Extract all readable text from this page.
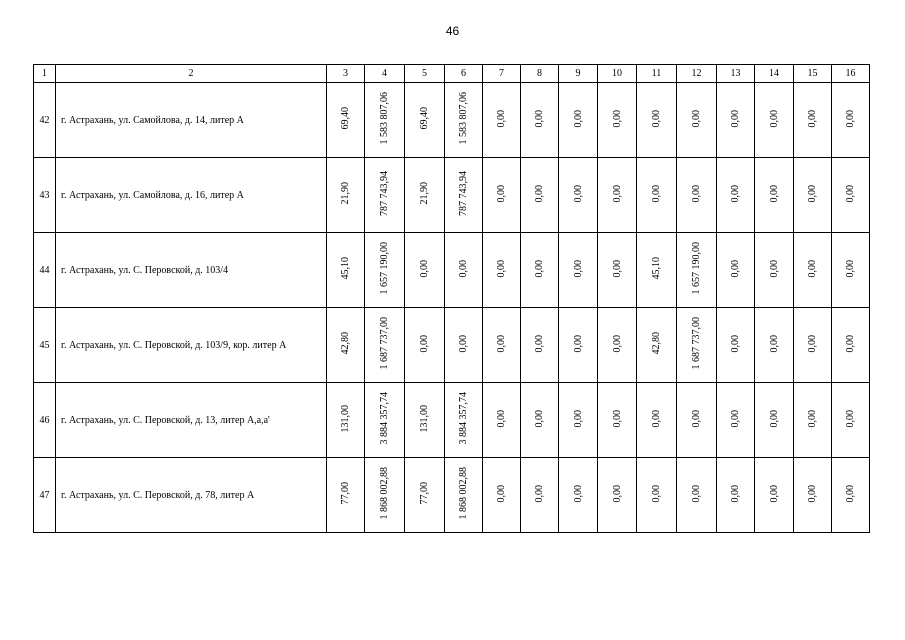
46
1	2	3	4	5	6	7	8	9	10	11	12	13	14	15	16
42	г. Астрахань, ул. Самойлова, д. 14, литер А	69,40	1 583 807,06	69,40	1 583 807,06	0,00	0,00	0,00	0,00	0,00	0,00	0,00	0,00	0,00	0,00
43	г. Астрахань, ул. Самойлова, д. 16, литер А	21,90	787 743,94	21,90	787 743,94	0,00	0,00	0,00	0,00	0,00	0,00	0,00	0,00	0,00	0,00
44	г. Астрахань, ул. С. Перовской, д. 103/4	45,10	1 657 190,00	0,00	0,00	0,00	0,00	0,00	0,00	45,10	1 657 190,00	0,00	0,00	0,00	0,00
45	г. Астрахань, ул. С. Перовской, д. 103/9, кор. литер А	42,80	1 687 737,00	0,00	0,00	0,00	0,00	0,00	0,00	42,80	1 687 737,00	0,00	0,00	0,00	0,00
46	г. Астрахань, ул. С. Перовской, д. 13, литер А,а,а'	131,00	3 884 357,74	131,00	3 884 357,74	0,00	0,00	0,00	0,00	0,00	0,00	0,00	0,00	0,00	0,00
47	г. Астрахань, ул. С. Перовской, д. 78, литер А	77,00	1 868 002,88	77,00	1 868 002,88	0,00	0,00	0,00	0,00	0,00	0,00	0,00	0,00	0,00	0,00
